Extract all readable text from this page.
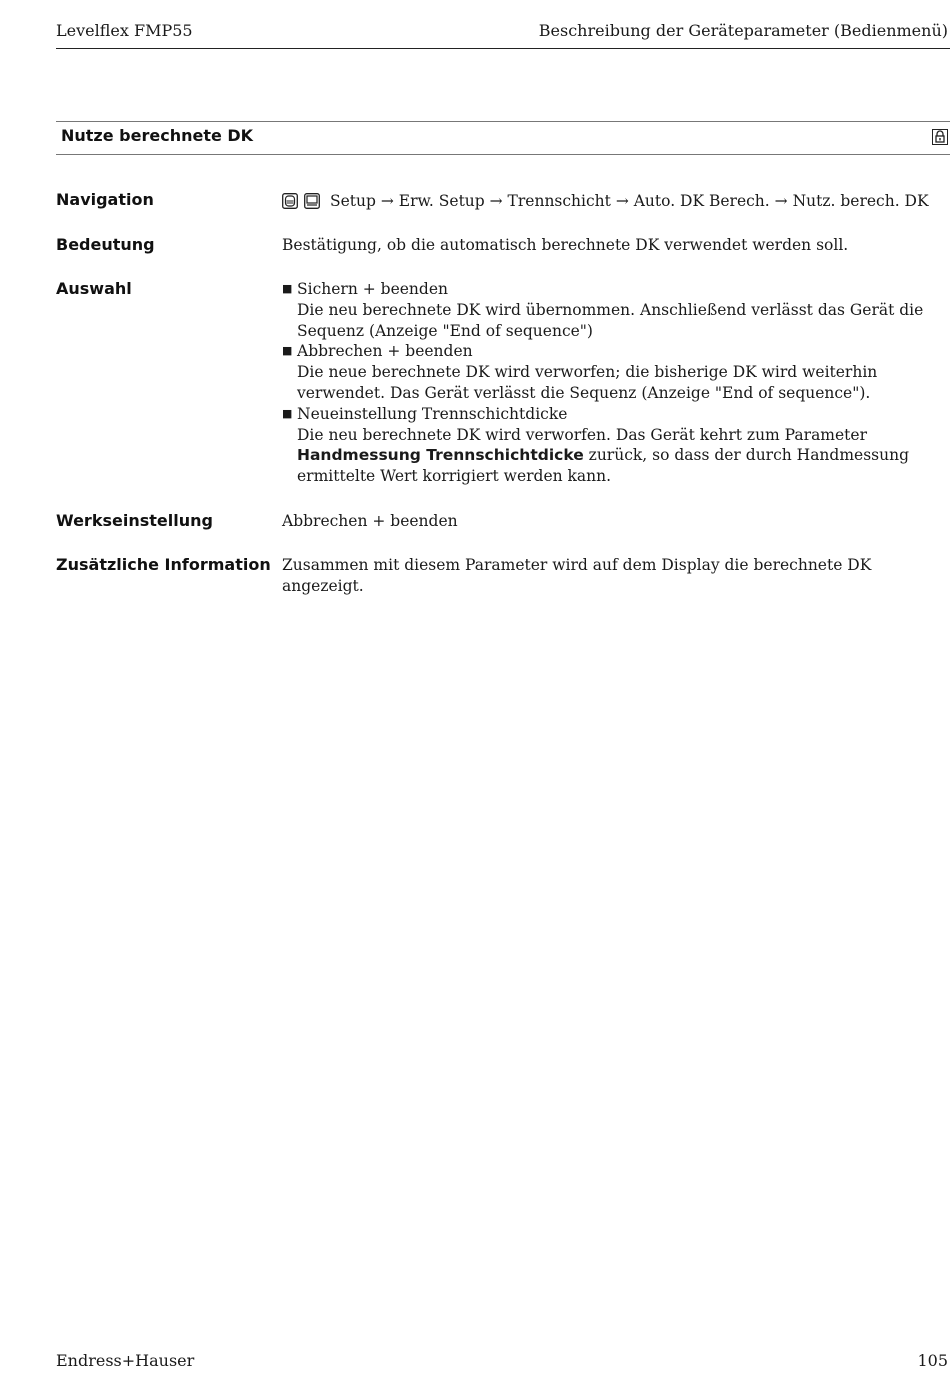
Levelflex FMP55	Beschreibung der Geräteparameter (Bedienmenü)
Nutze berechnete DK
Navigation	Setup → Erw. Setup → Trennschicht → Auto. DK Berech. → Nutz. berech. DK
Bedeutung	Bestätigung, ob die automatisch berechnete DK verwendet werden soll.
Auswahl
■	Sichern + beenden
Die neu berechnete DK wird übernommen. Anschließend verlässt das Gerät die Sequenz (Anzeige "End of sequence")
■ Abbrechen + beenden
Die neue berechnete DK wird verworfen; die bisherige DK wird weiterhin verwendet. Das Gerät verlässt die Sequenz (Anzeige "End of sequence").
■ Neueinstellung Trennschichtdicke
Die neu berechnete DK wird verworfen. Das Gerät kehrt zum Parameter Handmessung Trennschichtdicke zurück, so dass der durch Handmessung ermittelte Wert korrigiert werden kann.
Werkseinstellung	Abbrechen + beenden
Zusätzliche Information Zusammen mit diesem Parameter wird auf dem Display die berechnete DK angezeigt.
Endress+Hauser	105
